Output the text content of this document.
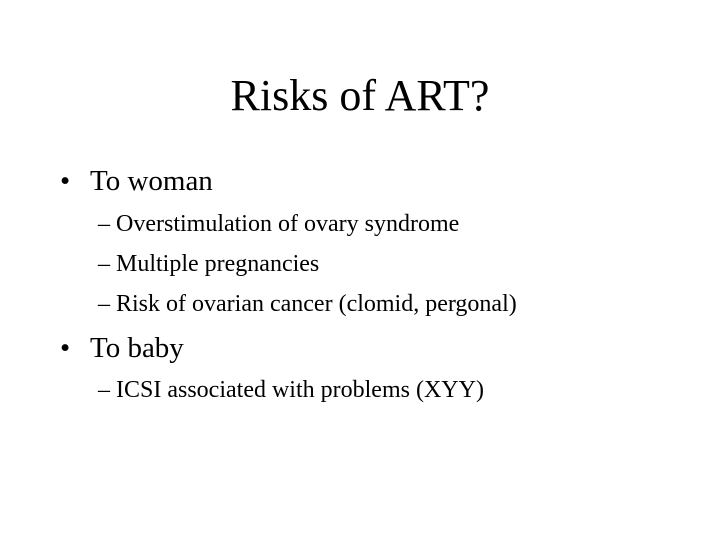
Risks of ART?
• To woman
– Overstimulation of ovary syndrome
– Multiple pregnancies
– Risk of ovarian cancer (clomid, pergonal)
• To baby
– ICSI associated with problems (XYY)
